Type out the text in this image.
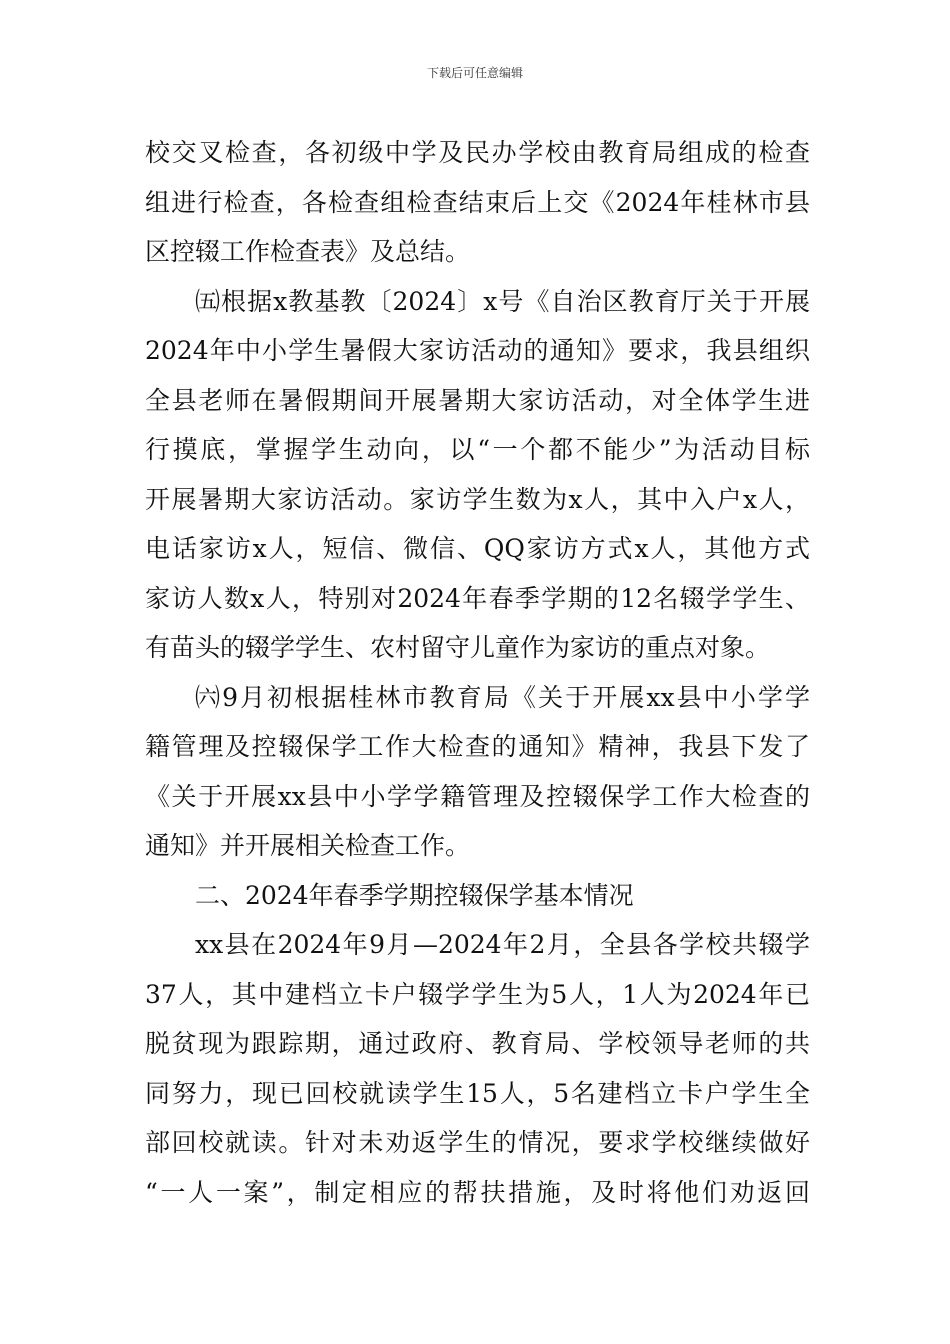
下载后可任意编辑
校交叉检查，各初级中学及民办学校由教育局组成的检查
组进行检查，各检查组检查结束后上交《2024年桂林市县
区控辍工作检查表》及总结。
㈤根据x教基教〔2024〕x号《自治区教育厅关于开展
2024年中小学生暑假大家访活动的通知》要求，我县组织
全县老师在暑假期间开展暑期大家访活动，对全体学生进
行摸底，掌握学生动向，以“一个都不能少”为活动目标
开展暑期大家访活动。家访学生数为x人，其中入户x人，
电话家访x人，短信、微信、QQ家访方式x人，其他方式
家访人数x人，特别对2024年春季学期的12名辍学学生、
有苗头的辍学学生、农村留守儿童作为家访的重点对象。
㈥9月初根据桂林市教育局《关于开展xx县中小学学
籍管理及控辍保学工作大检查的通知》精神，我县下发了
《关于开展xx县中小学学籍管理及控辍保学工作大检查的
通知》并开展相关检查工作。
二、2024年春季学期控辍保学基本情况
xx县在2024年9月—2024年2月，全县各学校共辍学
37人，其中建档立卡户辍学学生为5人，1人为2024年已
脱贫现为跟踪期，通过政府、教育局、学校领导老师的共
同努力，现已回校就读学生15人，5名建档立卡户学生全
部回校就读。针对未劝返学生的情况，要求学校继续做好
“一人一案”，制定相应的帮扶措施，及时将他们劝返回
